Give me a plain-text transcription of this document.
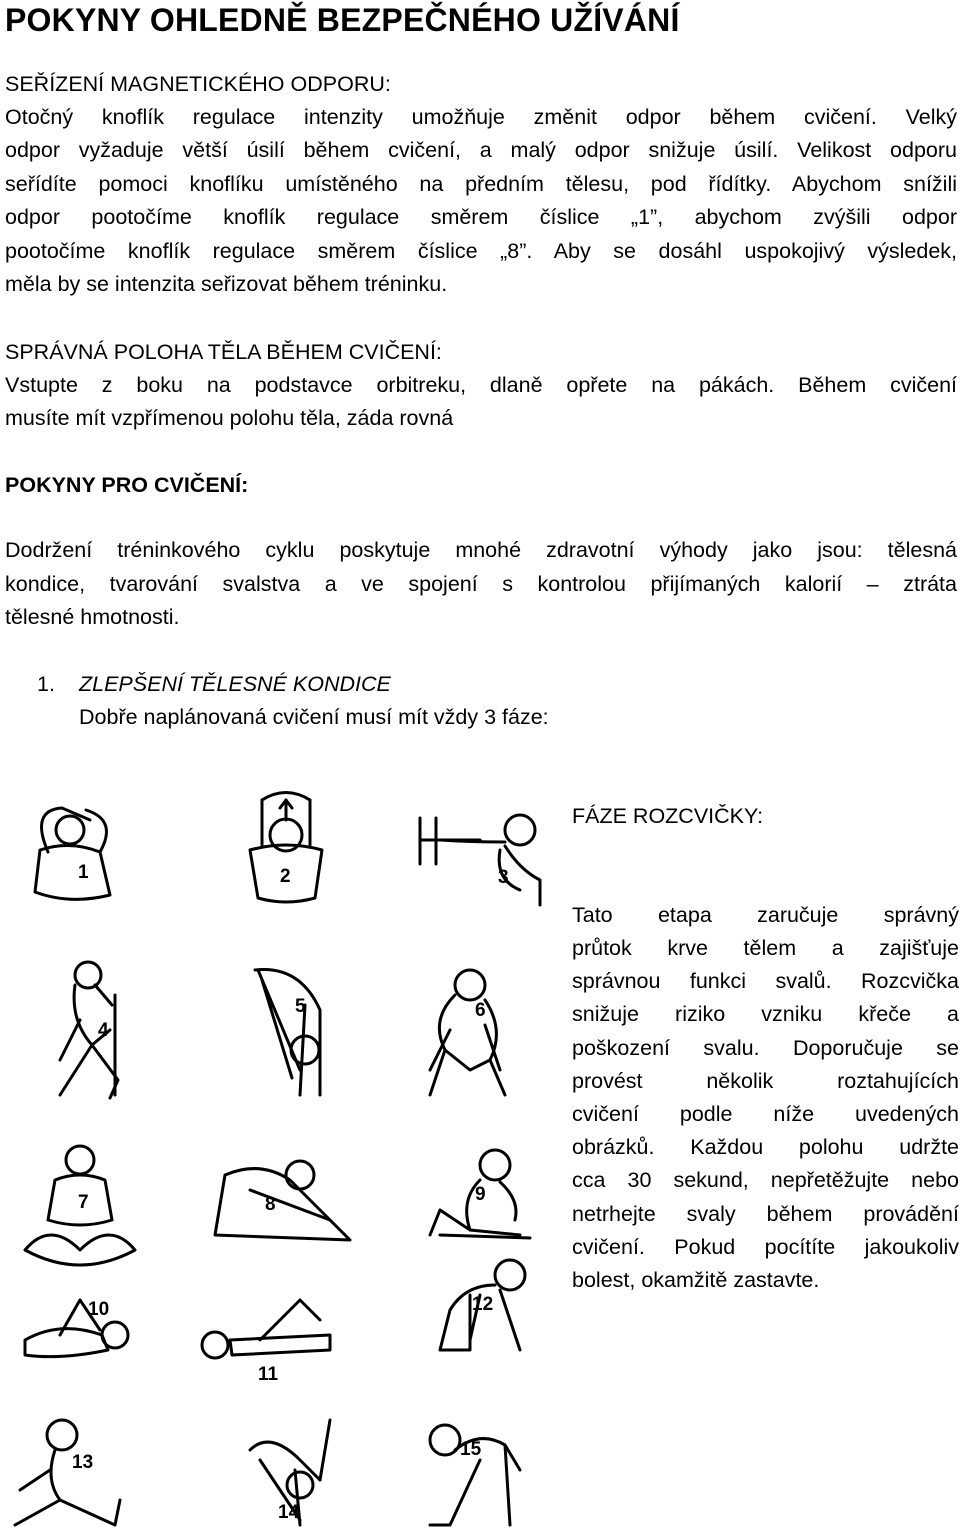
POKYNY OHLEDNĚ BEZPEČNÉHO UŽÍVÁNÍ
SEŘÍZENÍ MAGNETICKÉHO ODPORU:
Otočný knoflík regulace intenzity umožňuje změnit odpor během cvičení. Velký
odpor vyžaduje větší úsilí během cvičení, a malý odpor snižuje úsilí. Velikost odporu
seřídíte pomoci knoflíku umístěného na předním tělesu, pod řídítky. Abychom snížili
odpor pootočíme knoflík regulace směrem číslice „1”, abychom zvýšili odpor
pootočíme knoflík regulace směrem číslice „8”. Aby se dosáhl uspokojivý výsledek,
měla by se intenzita seřizovat během tréninku.
SPRÁVNÁ POLOHA TĚLA BĚHEM CVIČENÍ:
Vstupte z boku na podstavce orbitreku, dlaně opřete na pákách. Během cvičení
musíte mít vzpřímenou polohu těla, záda rovná
POKYNY PRO CVIČENÍ:
Dodržení tréninkového cyklu poskytuje mnohé zdravotní výhody jako jsou: tělesná
kondice, tvarování svalstva a ve spojení s kontrolou přijímaných kalorií – ztráta
tělesné hmotnosti.
1. ZLEPŠENÍ TĚLESNÉ KONDICE
Dobře naplánovaná cvičení musí mít vždy 3 fáze:
FÁZE ROZCVIČKY:
Tato etapa zaručuje správný
průtok krve tělem a zajišťuje
správnou funkci svalů. Rozcvička
snižuje riziko vzniku křeče a
poškození svalu. Doporučuje se
provést několik roztahujících
cvičení podle níže uvedených
obrázků. Každou polohu udržte
cca 30 sekund, nepřetěžujte nebo
netrhejte svaly během provádění
cvičení. Pokud pocítíte jakoukoliv
bolest, okamžitě zastavte.
1	2	3
4
5	6
7	8	9
10
11
12
13
14
15
